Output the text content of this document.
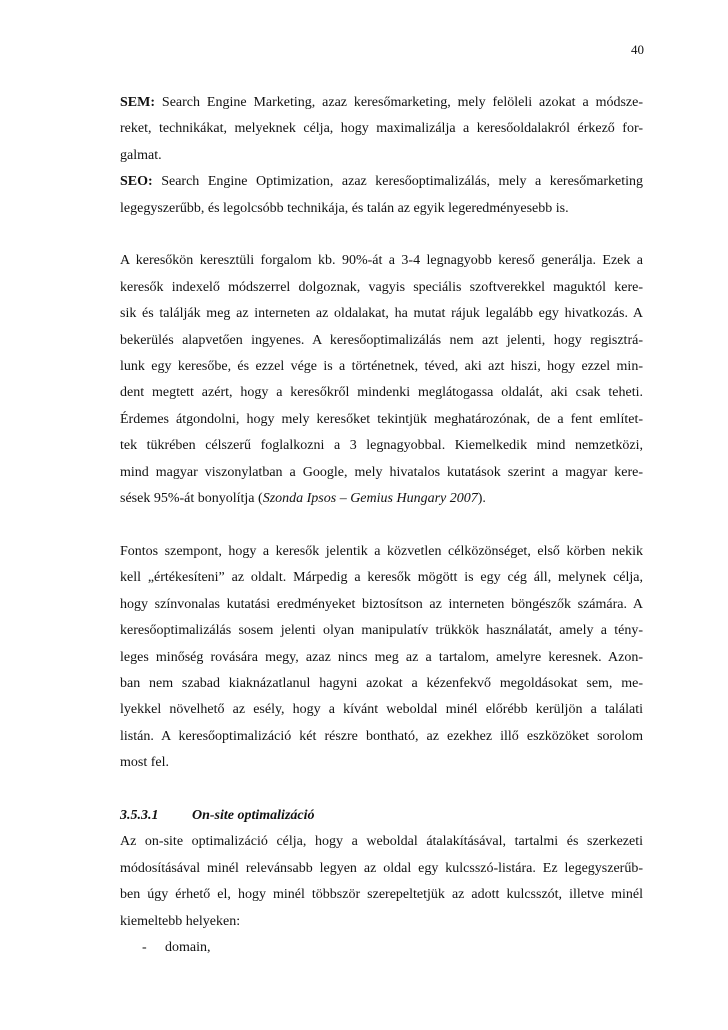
40
SEM: Search Engine Marketing, azaz keresőmarketing, mely felöleli azokat a módsze-
reket, technikákat, melyeknek célja, hogy maximalizálja a keresőoldalakról érkező for-
galmat.
SEO: Search Engine Optimization, azaz keresőoptimalizálás, mely a keresőmarketing
legegyszerűbb, és legolcsóbb technikája, és talán az egyik legeredményesebb is.
A keresőkön keresztüli forgalom kb. 90%-át a 3-4 legnagyobb kereső generálja. Ezek a
keresők indexelő módszerrel dolgoznak, vagyis speciális szoftverekkel maguktól kere-
sik és találják meg az interneten az oldalakat, ha mutat rájuk legalább egy hivatkozás. A
bekerülés alapvetően ingyenes. A keresőoptimalizálás nem azt jelenti, hogy regisztrá-
lunk egy keresőbe, és ezzel vége is a történetnek, téved, aki azt hiszi, hogy ezzel min-
dent megtett azért, hogy a keresőkről mindenki meglátogassa oldalát, aki csak teheti.
Érdemes átgondolni, hogy mely keresőket tekintjük meghatározónak, de a fent említet-
tek tükrében célszerű foglalkozni a 3 legnagyobbal. Kiemelkedik mind nemzetközi,
mind magyar viszonylatban a Google, mely hivatalos kutatások szerint a magyar kere-
sések 95%-át bonyolítja (Szonda Ipsos – Gemius Hungary 2007).
Fontos szempont, hogy a keresők jelentik a közvetlen célközönséget, első körben nekik
kell „értékesíteni” az oldalt. Márpedig a keresők mögött is egy cég áll, melynek célja,
hogy színvonalas kutatási eredményeket biztosítson az interneten böngészők számára. A
keresőoptimalizálás sosem jelenti olyan manipulatív trükkök használatát, amely a tény-
leges minőség rovására megy, azaz nincs meg az a tartalom, amelyre keresnek. Azon-
ban nem szabad kiaknázatlanul hagyni azokat a kézenfekvő megoldásokat sem, me-
lyekkel növelhető az esély, hogy a kívánt weboldal minél előrébb kerüljön a találati
listán. A keresőoptimalizáció két részre bontható, az ezekhez illő eszközöket sorolom
most fel.
3.5.3.1 On-site optimalizáció
Az on-site optimalizáció célja, hogy a weboldal átalakításával, tartalmi és szerkezeti
módosításával minél relevánsabb legyen az oldal egy kulcsszó-listára. Ez legegyszerűb-
ben úgy érhető el, hogy minél többször szerepeltetjük az adott kulcsszót, illetve minél
kiemeltebb helyeken:
- domain,
